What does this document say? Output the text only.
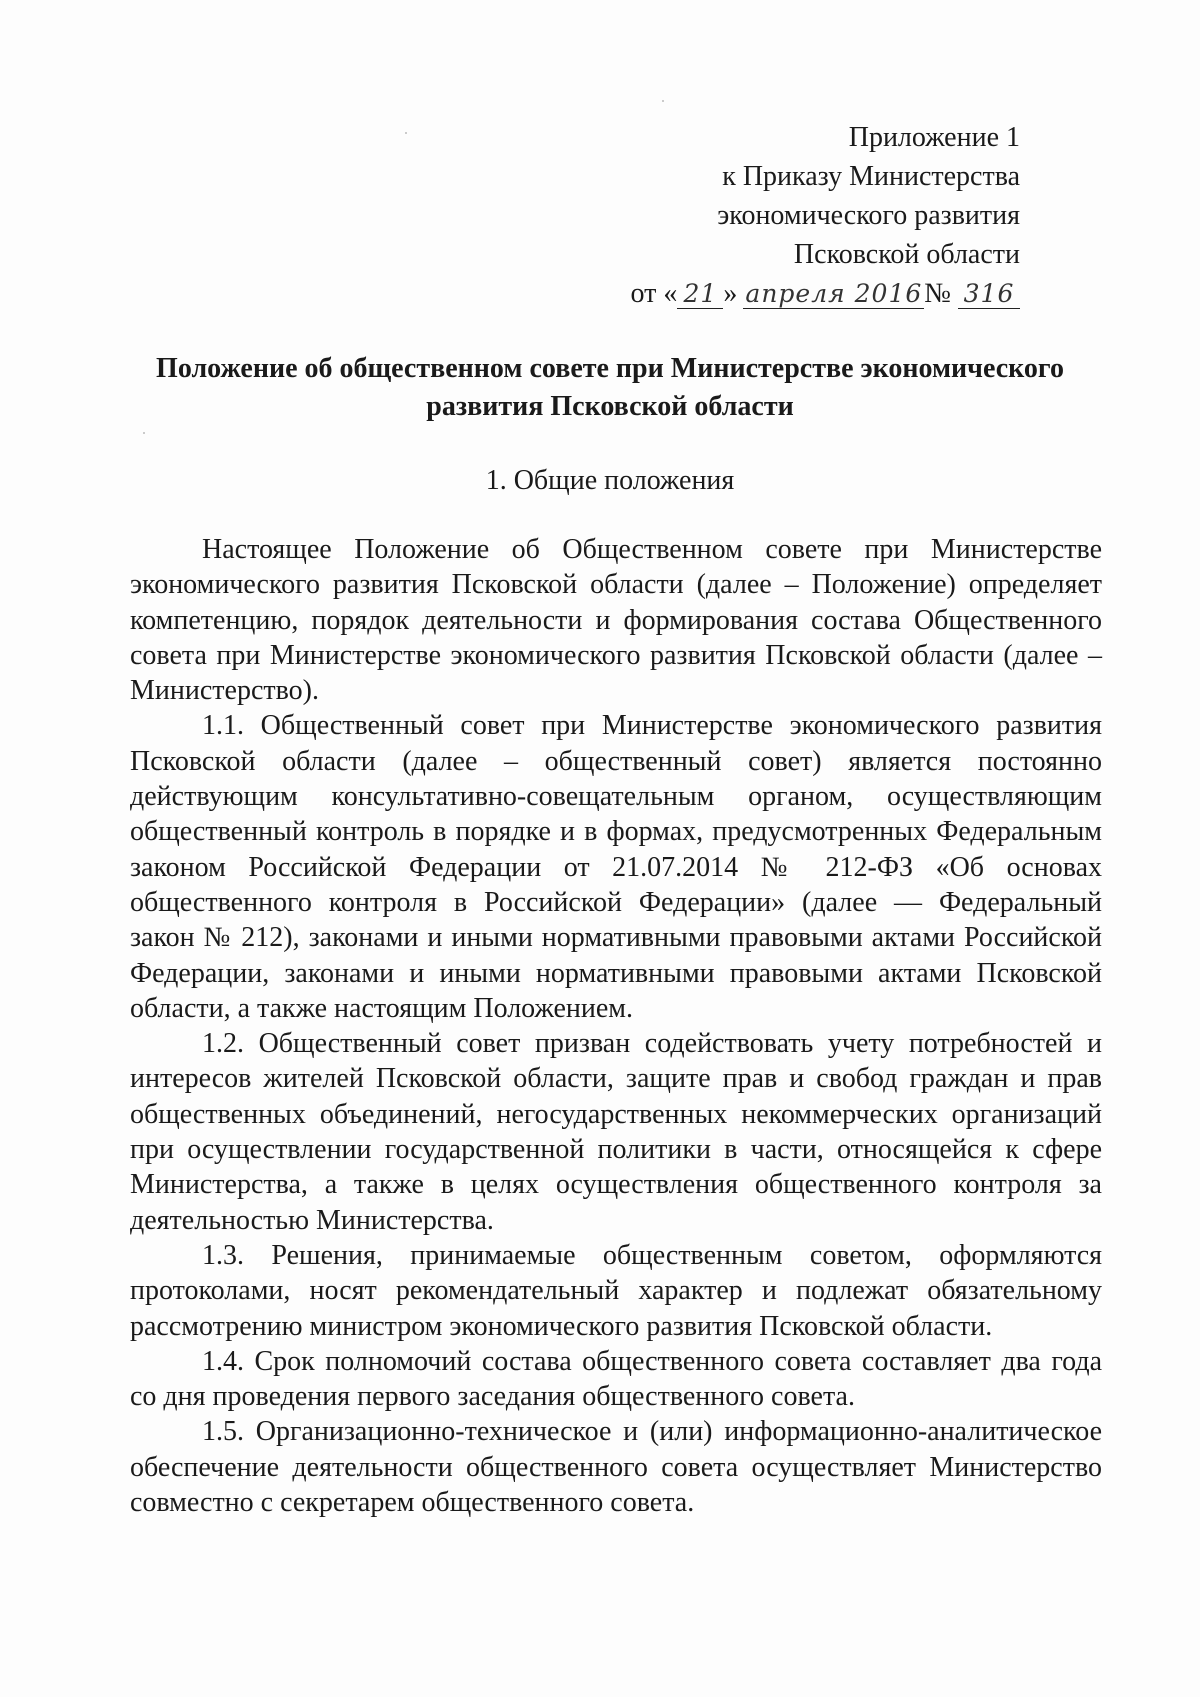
Приложение 1
к Приказу Министерства
экономического развития
Псковской области
от « 21 » апреля 2016№ 316
Положение об общественном совете при Министерстве экономического
развития Псковской области
1. Общие положения

Настоящее Положение об Общественном совете при Министерстве экономического развития Псковской области (далее – Положение) определяет компетенцию, порядок деятельности и формирования состава Общественного совета при Министерстве экономического развития Псковской области (далее – Министерство).

1.1. Общественный совет при Министерстве экономического развития Псковской области (далее – общественный совет) является постоянно действующим консультативно-совещательным органом, осуществляющим общественный контроль в порядке и в формах, предусмотренных Федеральным законом Российской Федерации от 21.07.2014 № 212-ФЗ «Об основах общественного контроля в Российской Федерации» (далее — Федеральный закон № 212), законами и иными нормативными правовыми актами Российской Федерации, законами и иными нормативными правовыми актами Псковской области, а также настоящим Положением.

1.2. Общественный совет призван содействовать учету потребностей и интересов жителей Псковской области, защите прав и свобод граждан и прав общественных объединений, негосударственных некоммерческих организаций при осуществлении государственной политики в части, относящейся к сфере Министерства, а также в целях осуществления общественного контроля за деятельностью Министерства.

1.3. Решения, принимаемые общественным советом, оформляются протоколами, носят рекомендательный характер и подлежат обязательному рассмотрению министром экономического развития Псковской области.

1.4. Срок полномочий состава общественного совета составляет два года со дня проведения первого заседания общественного совета.

1.5. Организационно-техническое и (или) информационно-аналитическое обеспечение деятельности общественного совета осуществляет Министерство совместно с секретарем общественного совета.
